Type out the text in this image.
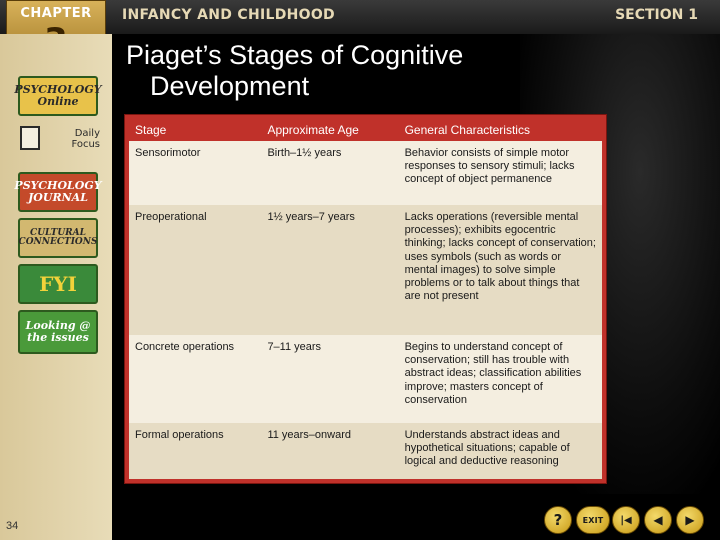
CHAPTER	INFANCY AND CHILDHOOD	SECTION 1
PSYCHOLOGY Online
Daily Focus
PSYCHOLOGY JOURNAL
CULTURAL CONNECTIONS
FYI
Looking @ the issues
34
Piaget’s Stages of Cognitive
Development
Stage	Approximate Age	General Characteristics
Sensorimotor	Birth–1½ years	Behavior consists of simple motor responses to sensory stimuli; lacks concept of object permanence
Preoperational	1½ years–7 years	Lacks operations (reversible mental processes); exhibits egocentric thinking; lacks concept of conservation; uses symbols (such as words or mental images) to solve simple problems or to talk about things that are not present
Concrete operations	7–11 years	Begins to understand concept of conservation; still has trouble with abstract ideas; classification abilities improve; masters concept of conservation
Formal operations	11 years–onward	Understands abstract ideas and hypothetical situations; capable of logical and deductive reasoning
?	EXIT |◀ ◀ ▶
